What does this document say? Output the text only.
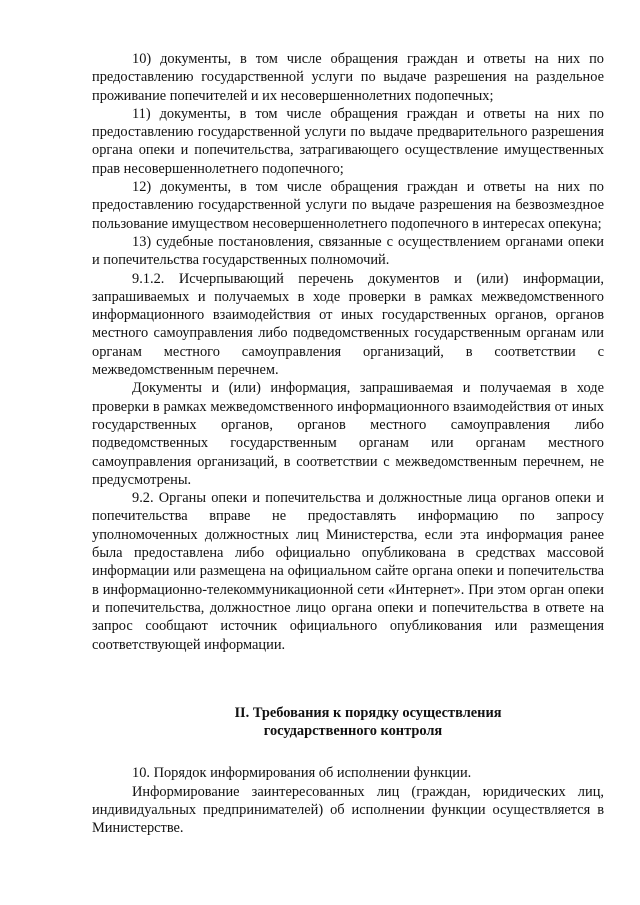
10) документы, в том числе обращения граждан и ответы на них по предоставлению государственной услуги по выдаче разрешения на раздельное проживание попечителей и их несовершеннолетних подопечных;

11) документы, в том числе обращения граждан и ответы на них по предоставлению государственной услуги по выдаче предварительного разрешения органа опеки и попечительства, затрагивающего осуществление имущественных прав несовершеннолетнего подопечного;

12) документы, в том числе обращения граждан и ответы на них по предоставлению государственной услуги по выдаче разрешения на безвозмездное пользование имуществом несовершеннолетнего подопечного в интересах опекуна;

13) судебные постановления, связанные с осуществлением органами опеки и попечительства государственных полномочий.

9.1.2. Исчерпывающий перечень документов и (или) информации, запрашиваемых и получаемых в ходе проверки в рамках межведомственного информационного взаимодействия от иных государственных органов, органов местного самоуправления либо подведомственных государственным органам или органам местного самоуправления организаций, в соответствии с межведомственным перечнем.

Документы и (или) информация, запрашиваемая и получаемая в ходе проверки в рамках межведомственного информационного взаимодействия от иных государственных органов, органов местного самоуправления либо подведомственных государственным органам или органам местного самоуправления организаций, в соответствии с межведомственным перечнем, не предусмотрены.

9.2. Органы опеки и попечительства и должностные лица органов опеки и попечительства вправе не предоставлять информацию по запросу уполномоченных должностных лиц Министерства, если эта информация ранее была предоставлена либо официально опубликована в средствах массовой информации или размещена на официальном сайте органа опеки и попечительства в информационно-телекоммуникационной сети «Интернет». При этом орган опеки и попечительства, должностное лицо органа опеки и попечительства в ответе на запрос сообщают источник официального опубликования или размещения соответствующей информации.

II. Требования к порядку осуществления
государственного контроля

10. Порядок информирования об исполнении функции.

Информирование заинтересованных лиц (граждан, юридических лиц, индивидуальных предпринимателей) об исполнении функции осуществляется в Министерстве.
